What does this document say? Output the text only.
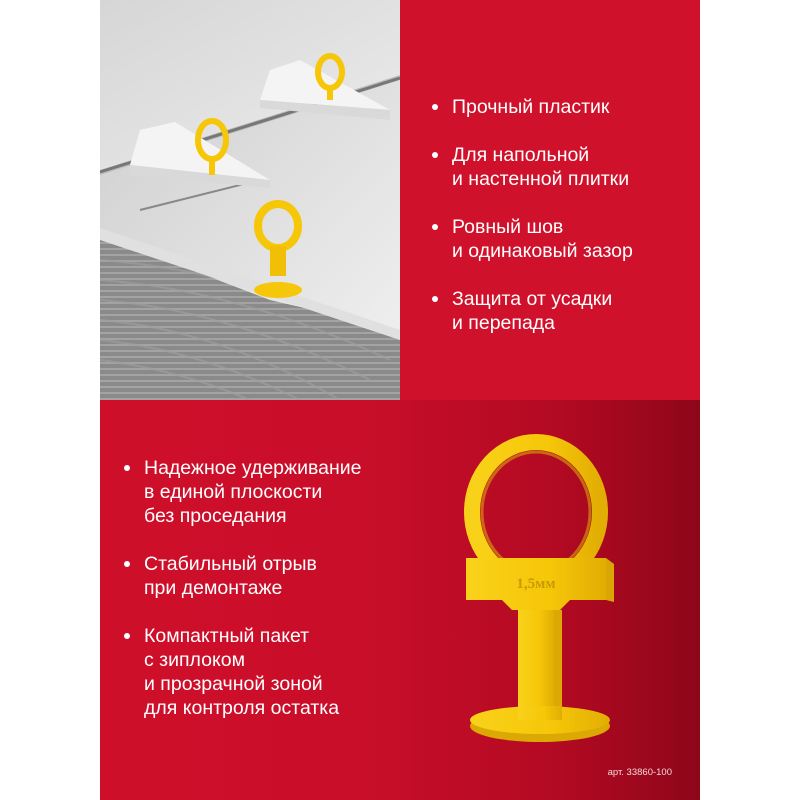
Прочный пластик
Для напольной
и настенной плитки
Ровный шов
и одинаковый зазор
Защита от усадки
и перепада
Надежное удерживание
в единой плоскости
без проседания
Стабильный отрыв
при демонтаже
Компактный пакет
с зиплоком
и прозрачной зоной
для контроля остатка
1,5мм
арт. 33860-100
